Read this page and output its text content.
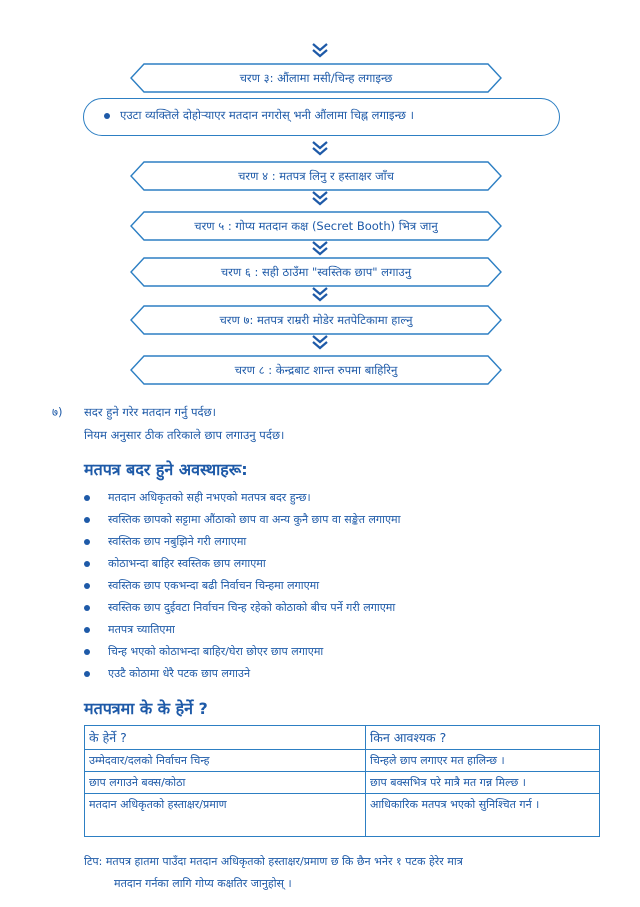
चरण ३: औंलामा मसी/चिन्ह लगाइन्छ
एउटा व्यक्तिले दोहोर्‍याएर मतदान नगरोस् भनी औंलामा चिह्न लगाइन्छ ।
चरण ४ : मतपत्र लिनु र हस्ताक्षर जाँच
चरण ५ : गोप्य मतदान कक्ष (Secret Booth) भित्र जानु
चरण ६ : सही ठाउँमा "स्वस्तिक छाप" लगाउनु
चरण ७: मतपत्र राम्ररी मोडेर मतपेटिकामा हाल्नु
चरण ८ : केन्द्रबाट शान्त रुपमा बाहिरिनु
७) सदर हुने गरेर मतदान गर्नु पर्दछ।
नियम अनुसार ठीक तरिकाले छाप लगाउनु पर्दछ।
मतपत्र बदर हुने अवस्थाहरू:
मतदान अधिकृतको सही नभएको मतपत्र बदर हुन्छ।
स्वस्तिक छापको सट्टामा औंठाको छाप वा अन्य कुनै छाप वा सङ्केत लगाएमा
स्वस्तिक छाप नबुझिने गरी लगाएमा
कोठाभन्दा बाहिर स्वस्तिक छाप लगाएमा
स्वस्तिक छाप एकभन्दा बढी निर्वाचन चिन्हमा लगाएमा
स्वस्तिक छाप दुईवटा निर्वाचन चिन्ह रहेको कोठाको बीच पर्ने गरी लगाएमा
मतपत्र च्यातिएमा
चिन्ह भएको कोठाभन्दा बाहिर/घेरा छोएर छाप लगाएमा
एउटै कोठामा धेरै पटक छाप लगाउने
मतपत्रमा के के हेर्ने ?
के हेर्ने ?	किन आवश्यक ?
उम्मेदवार/दलको निर्वाचन चिन्ह	चिन्हले छाप लगाएर मत हालिन्छ ।
छाप लगाउने बक्स/कोठा	छाप बक्सभित्र परे मात्रै मत गन्न मिल्छ ।
मतदान अधिकृतको हस्ताक्षर/प्रमाण	आधिकारिक मतपत्र भएको सुनिश्चित गर्न ।
टिप: मतपत्र हातमा पाउँदा मतदान अधिकृतको हस्ताक्षर/प्रमाण छ कि छैन भनेर १ पटक हेरेर मात्र
मतदान गर्नका लागि गोप्य कक्षतिर जानुहोस् ।
